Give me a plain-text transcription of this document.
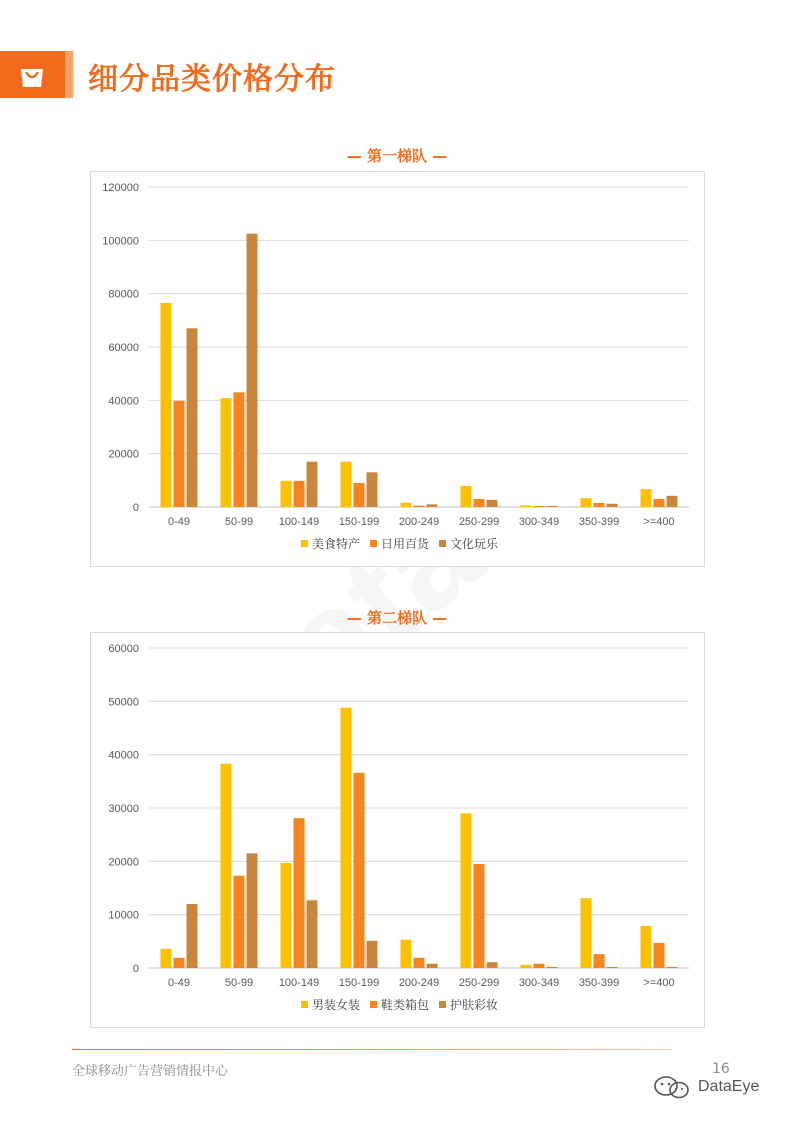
细分品类价格分布
— 第一梯队 —
0
20000
40000
60000
80000
100000
120000
0-49	50-99 100-149 150-199 200-249 250-299 300-349 350-399 >=400
美食特产 日用百货 文化玩乐
— 第二梯队 —
0
10000
20000
30000
40000
50000
60000
0-49	50-99 100-149 150-199 200-249 250-299 300-349 350-399 >=400
男装女装 鞋类箱包 护肤彩妆
全球移动广告营销情报中心	16
DataEye
